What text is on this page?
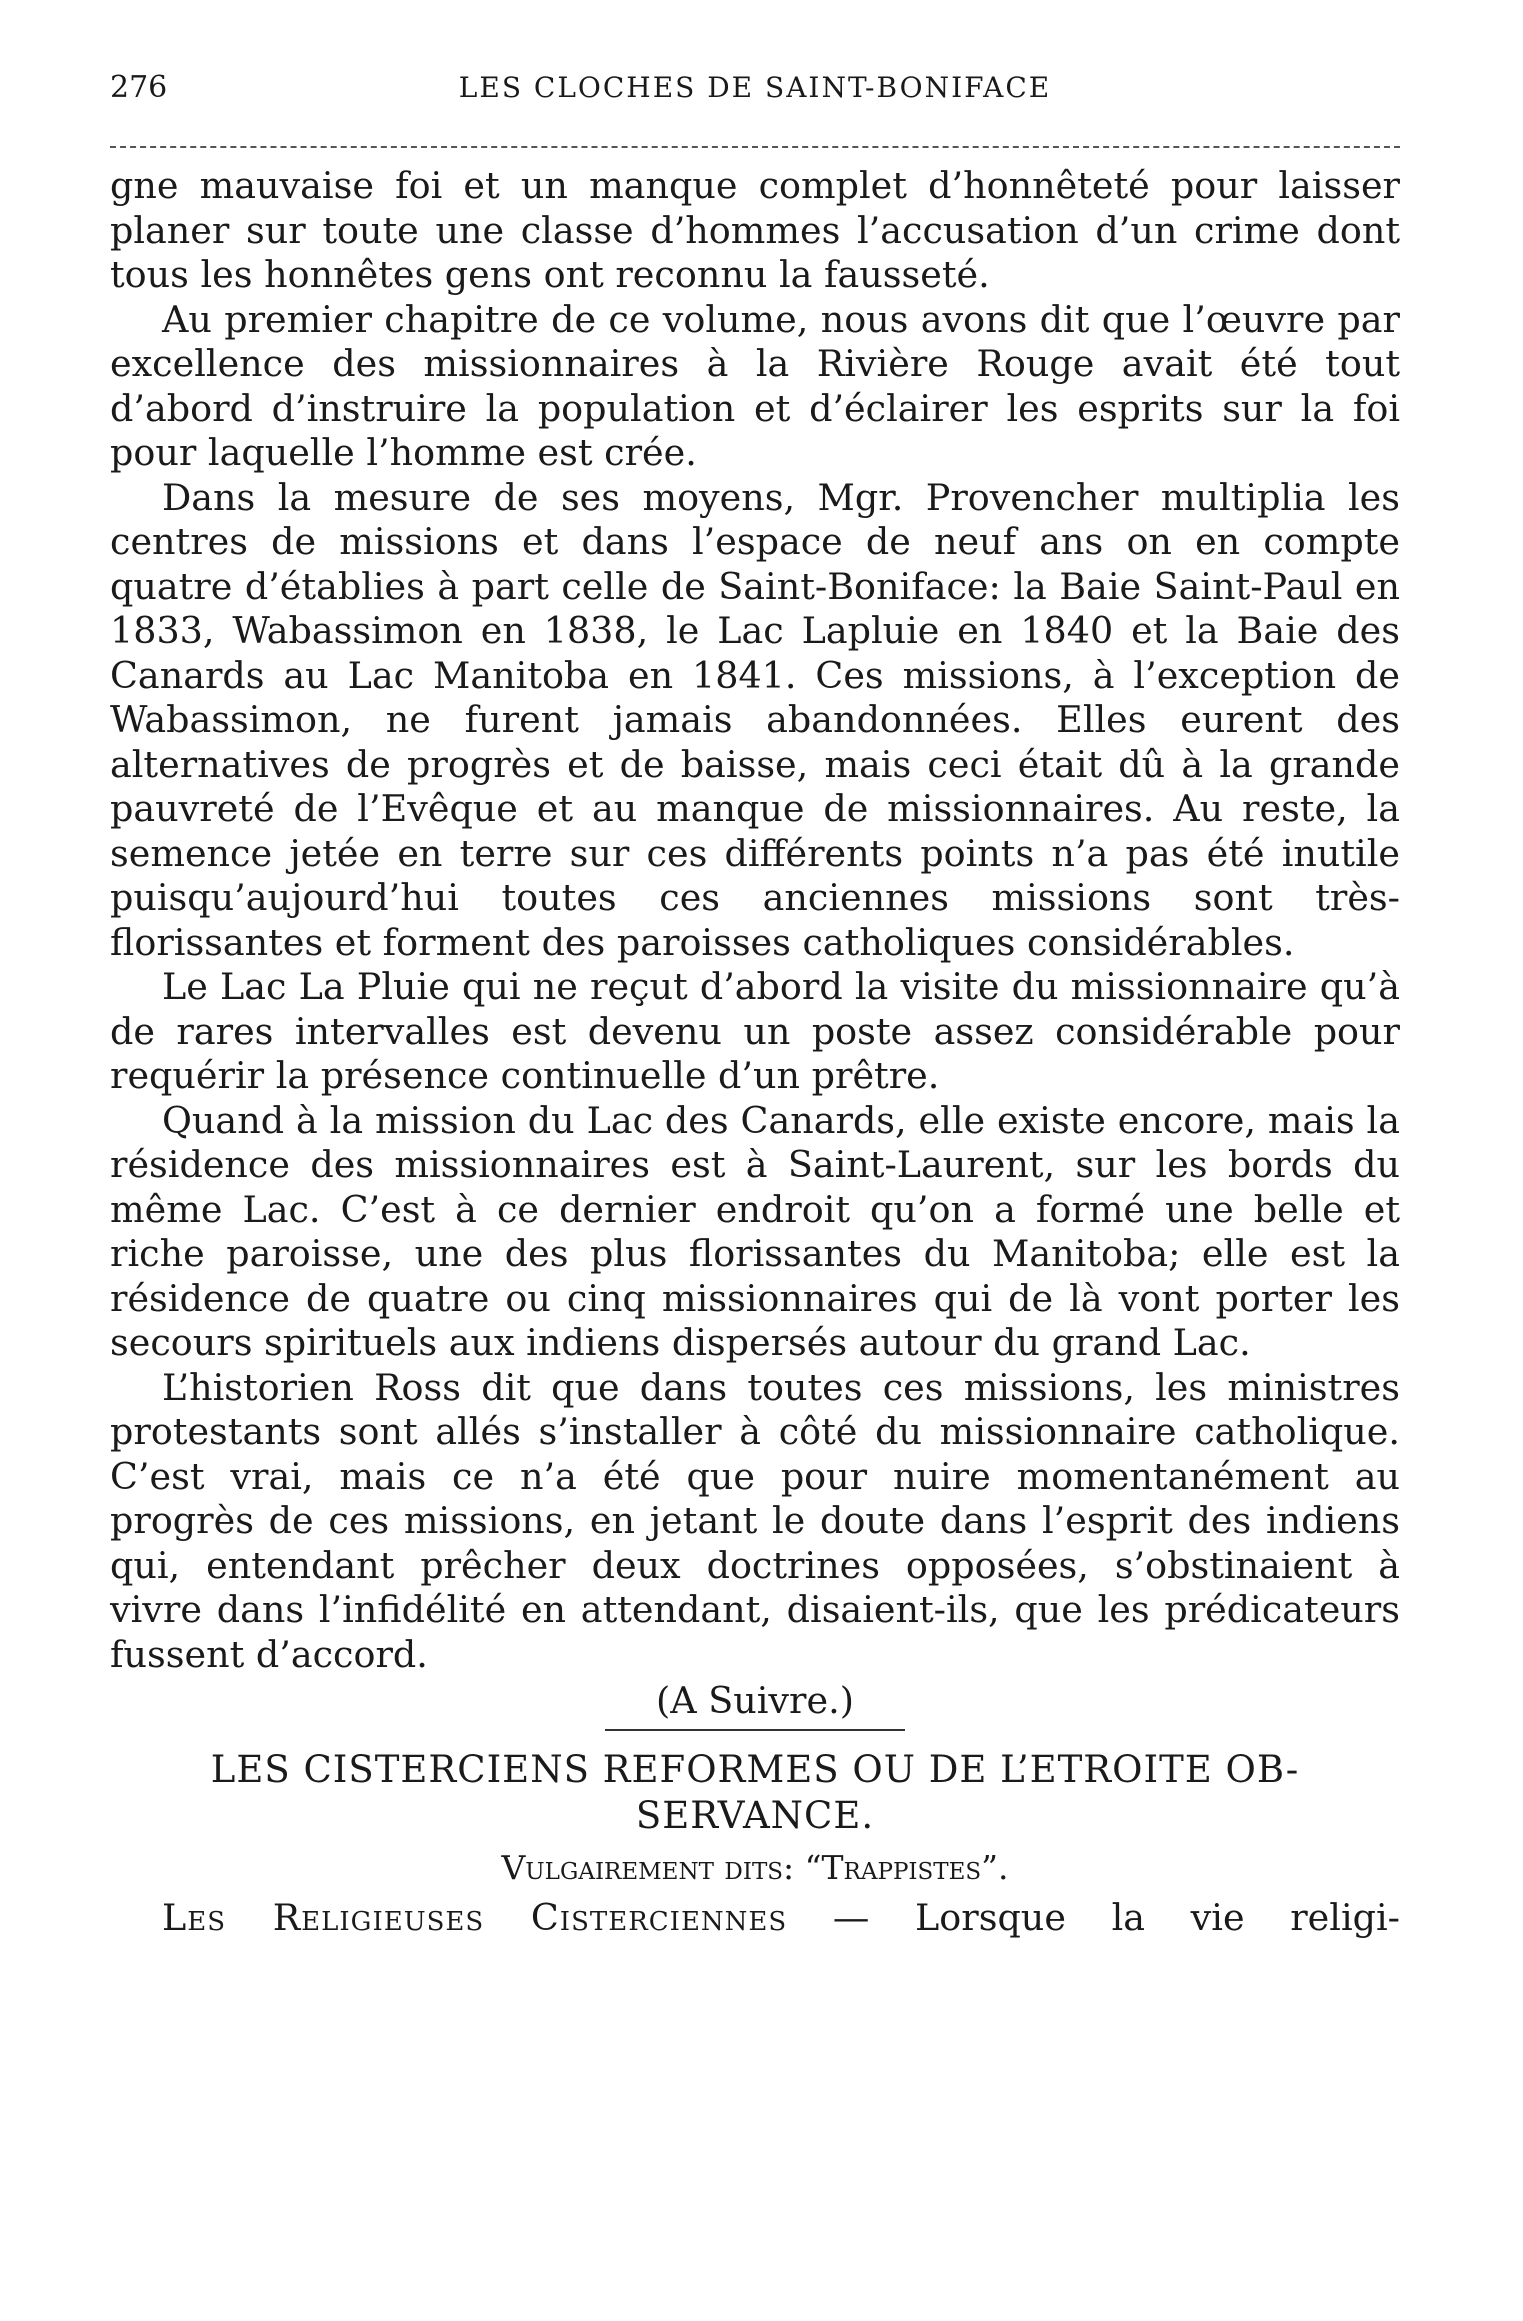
276	LES CLOCHES DE SAINT-BONIFACE

gne mauvaise foi et un manque complet d’honnêteté pour laisser planer sur toute une classe d’hommes l’accusation d’un crime dont tous les honnêtes gens ont reconnu la fausseté.

Au premier chapitre de ce volume, nous avons dit que l’œuvre par excellence des missionnaires à la Rivière Rouge avait été tout d’abord d’instruire la population et d’éclairer les esprits sur la foi pour laquelle l’homme est crée.

Dans la mesure de ses moyens, Mgr. Provencher multiplia les centres de missions et dans l’espace de neuf ans on en compte quatre d’établies à part celle de Saint-Boniface: la Baie Saint-Paul en 1833, Wabassimon en 1838, le Lac Lapluie en 1840 et la Baie des Canards au Lac Manitoba en 1841. Ces missions, à l’exception de Wabassimon, ne furent jamais abandonnées. Elles eurent des alternatives de progrès et de baisse, mais ceci était dû à la grande pauvreté de l’Evêque et au manque de missionnaires. Au reste, la semence jetée en terre sur ces différents points n’a pas été inutile puisqu’aujourd’hui toutes ces anciennes missions sont très-florissantes et forment des paroisses catholiques considérables.

Le Lac La Pluie qui ne reçut d’abord la visite du missionnaire qu’à de rares intervalles est devenu un poste assez considérable pour requérir la présence continuelle d’un prêtre.

Quand à la mission du Lac des Canards, elle existe encore, mais la résidence des missionnaires est à Saint-Laurent, sur les bords du même Lac. C’est à ce dernier endroit qu’on a formé une belle et riche paroisse, une des plus florissantes du Manitoba; elle est la résidence de quatre ou cinq missionnaires qui de là vont porter les secours spirituels aux indiens dispersés autour du grand Lac.

L’historien Ross dit que dans toutes ces missions, les ministres protestants sont allés s’installer à côté du missionnaire catholique. C’est vrai, mais ce n’a été que pour nuire momentanément au progrès de ces missions, en jetant le doute dans l’esprit des indiens qui, entendant prêcher deux doctrines opposées, s’obstinaient à vivre dans l’infidélité en attendant, disaient-ils, que les prédicateurs fussent d’accord.

(A Suivre.)
LES CISTERCIENS REFORMES OU DE L’ETROITE OB-
SERVANCE.
Vulgairement dits: “Trappistes”.

Les Religieuses Cisterciennes — Lorsque la vie religi-
